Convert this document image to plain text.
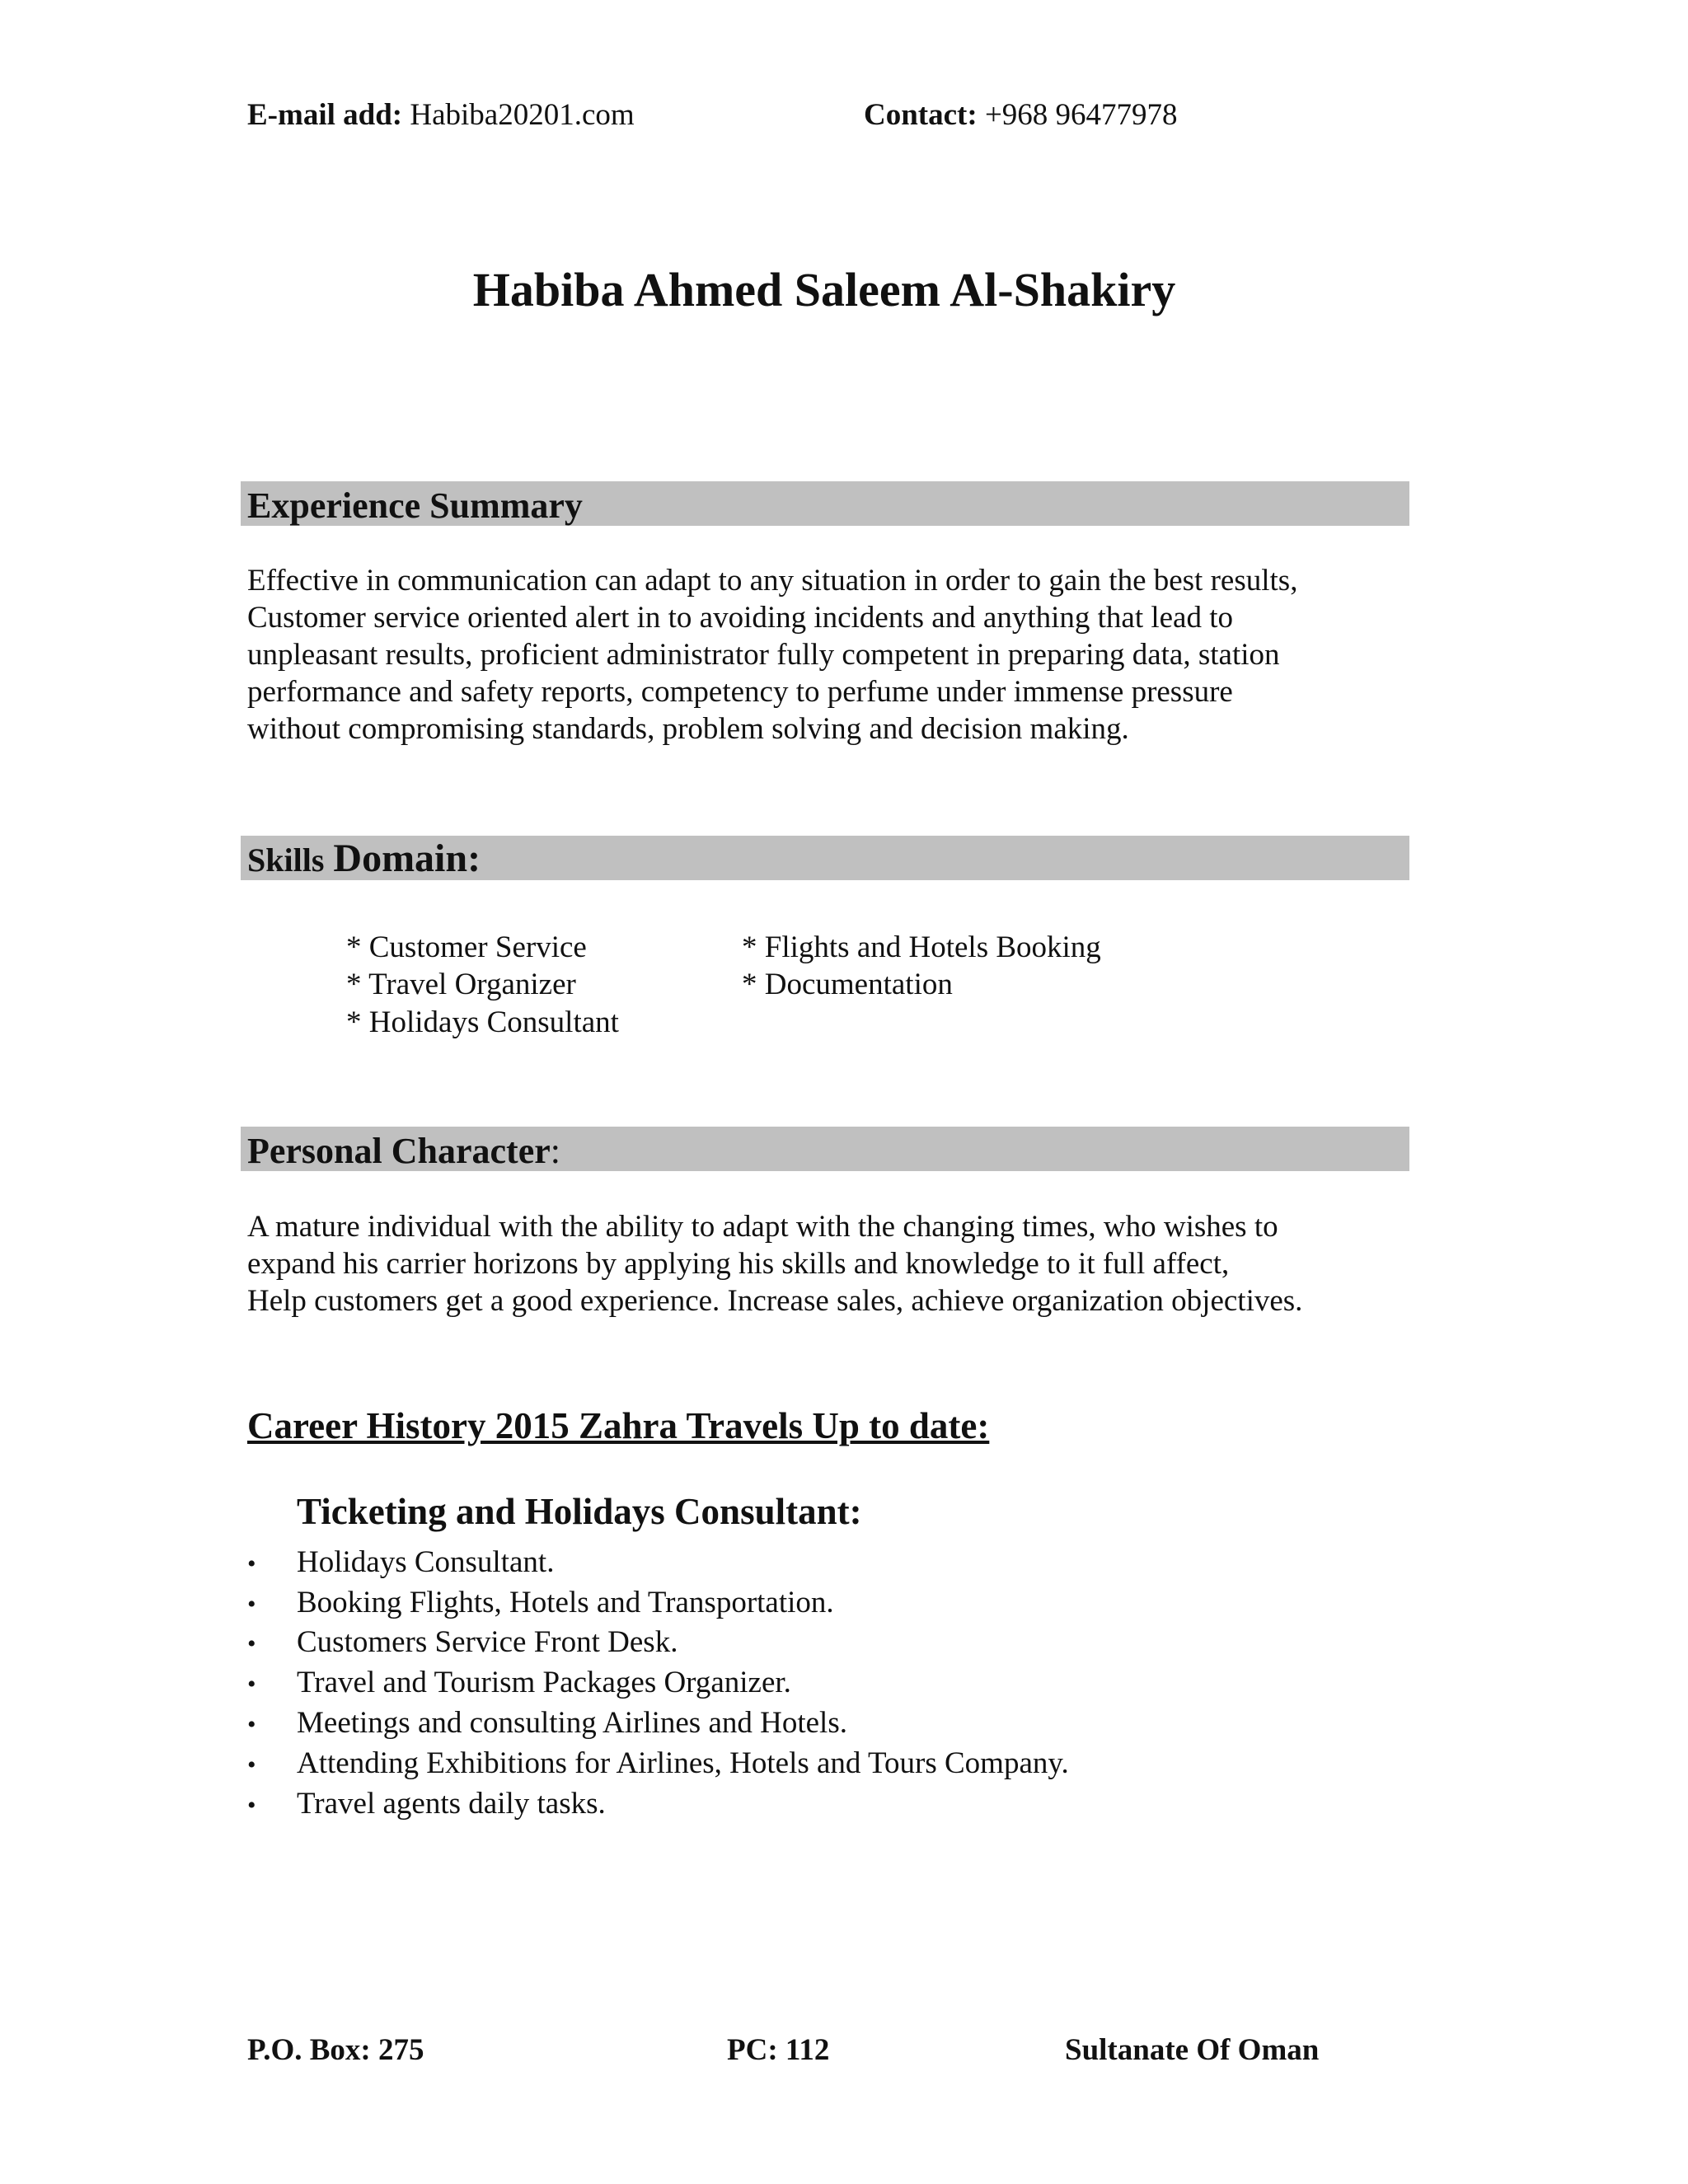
E-mail add: Habiba20201.com	Contact: +968 96477978
Habiba Ahmed Saleem Al-Shakiry
Experience Summary
Effective in communication can adapt to any situation in order to gain the best results,
Customer service oriented alert in to avoiding incidents and anything that lead to
unpleasant results, proficient administrator fully competent in preparing data, station
performance and safety reports, competency to perfume under immense pressure
without compromising standards, problem solving and decision making.
Skills Domain:
* Customer Service
* Travel Organizer
* Holidays Consultant
* Flights and Hotels Booking
* Documentation
Personal Character:
A mature individual with the ability to adapt with the changing times, who wishes to
expand his carrier horizons by applying his skills and knowledge to it full affect,
Help customers get a good experience. Increase sales, achieve organization objectives.
Career History 2015 Zahra Travels Up to date:
Ticketing and Holidays Consultant:
• Holidays Consultant.
• Booking Flights, Hotels and Transportation.
• Customers Service Front Desk.
• Travel and Tourism Packages Organizer.
• Meetings and consulting Airlines and Hotels.
• Attending Exhibitions for Airlines, Hotels and Tours Company.
• Travel agents daily tasks.
P.O. Box: 275	PC: 112	Sultanate Of Oman
